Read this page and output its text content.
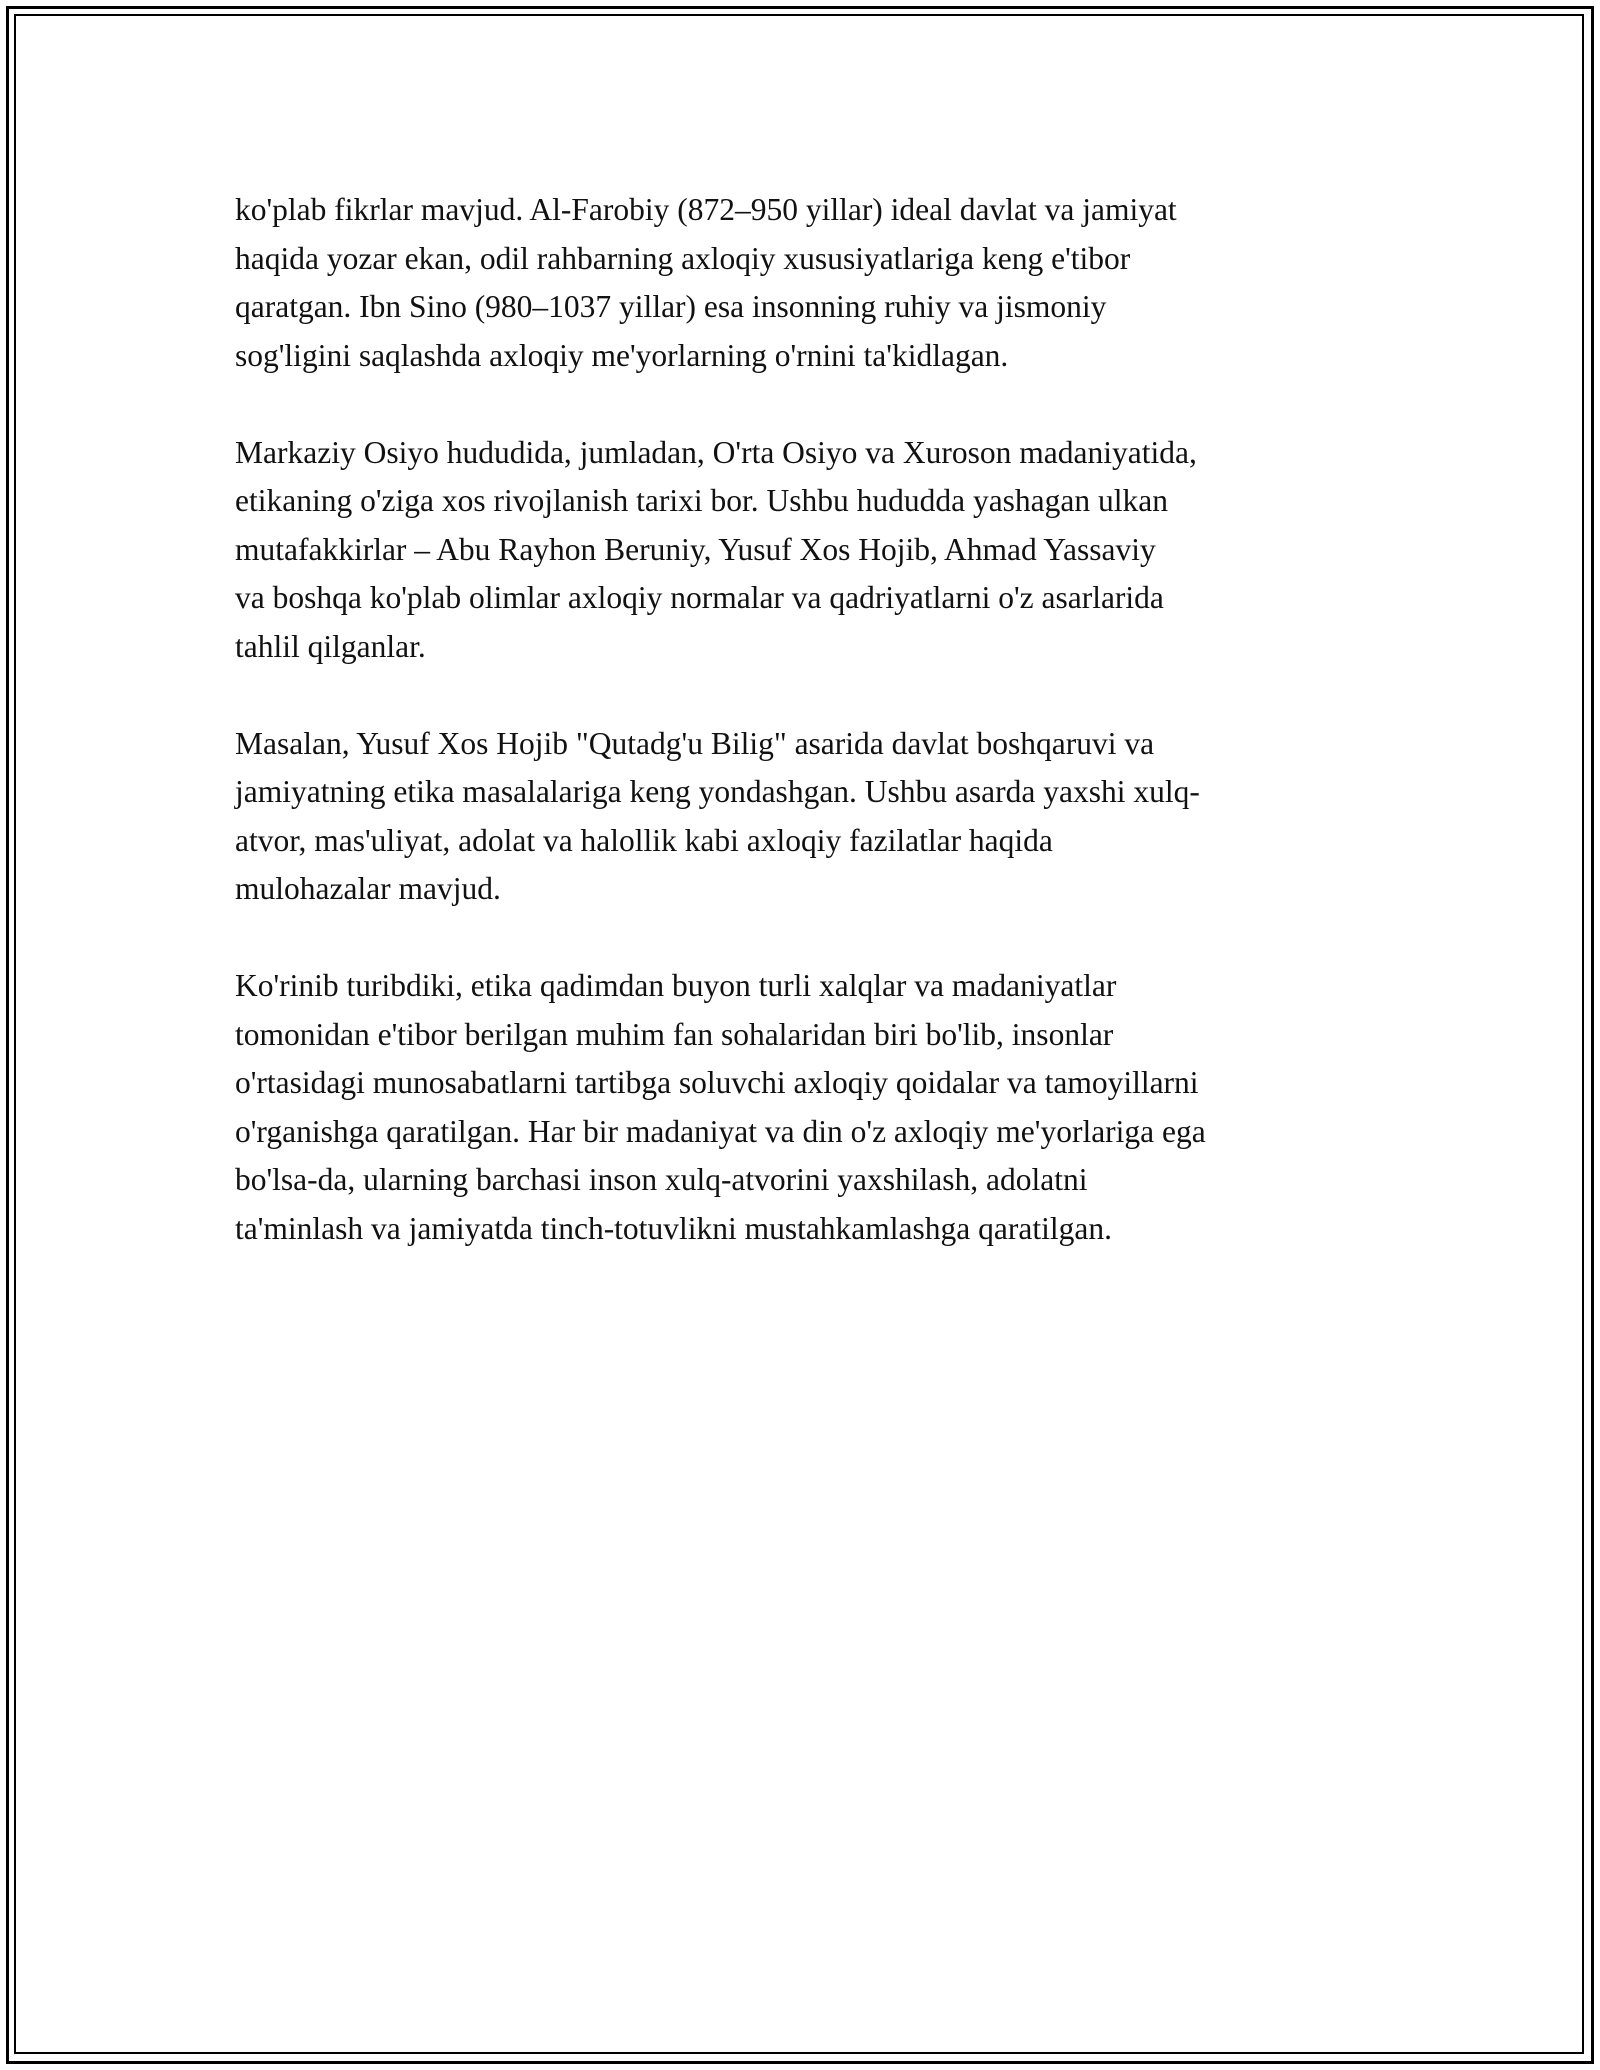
ko'plab fikrlar mavjud. Al-Farobiy (872–950 yillar) ideal davlat va jamiyat
haqida yozar ekan, odil rahbarning axloqiy xususiyatlariga keng e'tibor
qaratgan. Ibn Sino (980–1037 yillar) esa insonning ruhiy va jismoniy
sog'ligini saqlashda axloqiy me'yorlarning o'rnini ta'kidlagan.

Markaziy Osiyo hududida, jumladan, O'rta Osiyo va Xuroson madaniyatida,
etikaning o'ziga xos rivojlanish tarixi bor. Ushbu hududda yashagan ulkan
mutafakkirlar – Abu Rayhon Beruniy, Yusuf Xos Hojib, Ahmad Yassaviy
va boshqa ko'plab olimlar axloqiy normalar va qadriyatlarni o'z asarlarida
tahlil qilganlar.

Masalan, Yusuf Xos Hojib "Qutadg'u Bilig" asarida davlat boshqaruvi va
jamiyatning etika masalalariga keng yondashgan. Ushbu asarda yaxshi xulq-
atvor, mas'uliyat, adolat va halollik kabi axloqiy fazilatlar haqida
mulohazalar mavjud.

Ko'rinib turibdiki, etika qadimdan buyon turli xalqlar va madaniyatlar
tomonidan e'tibor berilgan muhim fan sohalaridan biri bo'lib, insonlar
o'rtasidagi munosabatlarni tartibga soluvchi axloqiy qoidalar va tamoyillarni
o'rganishga qaratilgan. Har bir madaniyat va din o'z axloqiy me'yorlariga ega
bo'lsa-da, ularning barchasi inson xulq-atvorini yaxshilash, adolatni
ta'minlash va jamiyatda tinch-totuvlikni mustahkamlashga qaratilgan.
